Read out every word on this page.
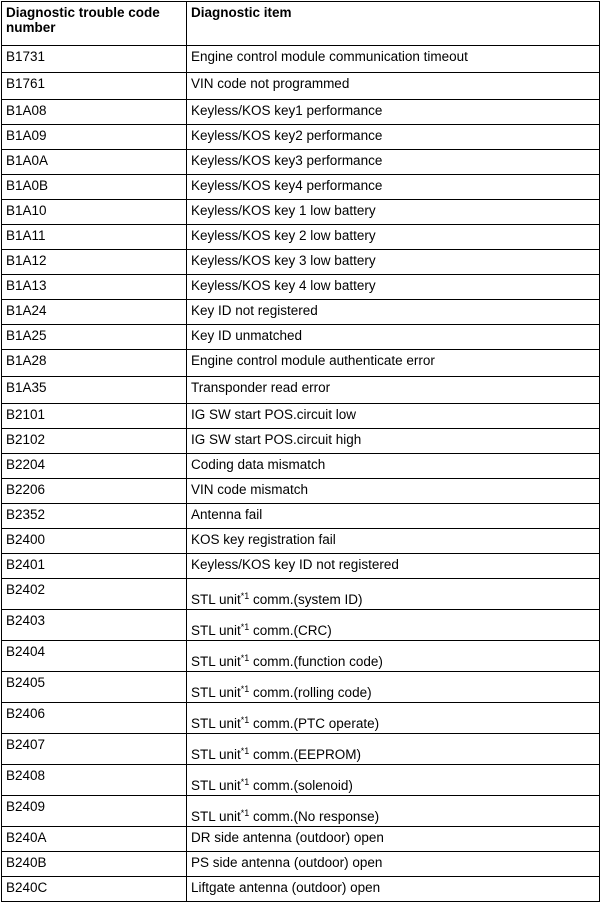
Diagnostic trouble code number	Diagnostic item
B1731	Engine control module communication timeout
B1761	VIN code not programmed
B1A08	Keyless/KOS key1 performance
B1A09	Keyless/KOS key2 performance
B1A0A	Keyless/KOS key3 performance
B1A0B	Keyless/KOS key4 performance
B1A10	Keyless/KOS key 1 low battery
B1A11	Keyless/KOS key 2 low battery
B1A12	Keyless/KOS key 3 low battery
B1A13	Keyless/KOS key 4 low battery
B1A24	Key ID not registered
B1A25	Key ID unmatched
B1A28	Engine control module authenticate error
B1A35	Transponder read error
B2101	IG SW start POS.circuit low
B2102	IG SW start POS.circuit high
B2204	Coding data mismatch
B2206	VIN code mismatch
B2352	Antenna fail
B2400	KOS key registration fail
B2401	Keyless/KOS key ID not registered
B2402	STL unit$^{*1}$ comm.(system ID)
B2403	STL unit$^{*1}$ comm.(CRC)
B2404	STL unit$^{*1}$ comm.(function code)
B2405	STL unit$^{*1}$ comm.(rolling code)
B2406	STL unit$^{*1}$ comm.(PTC operate)
B2407	STL unit$^{*1}$ comm.(EEPROM)
B2408	STL unit$^{*1}$ comm.(solenoid)
B2409	STL unit$^{*1}$ comm.(No response)
B240A	DR side antenna (outdoor) open
B240B	PS side antenna (outdoor) open
B240C	Liftgate antenna (outdoor) open
